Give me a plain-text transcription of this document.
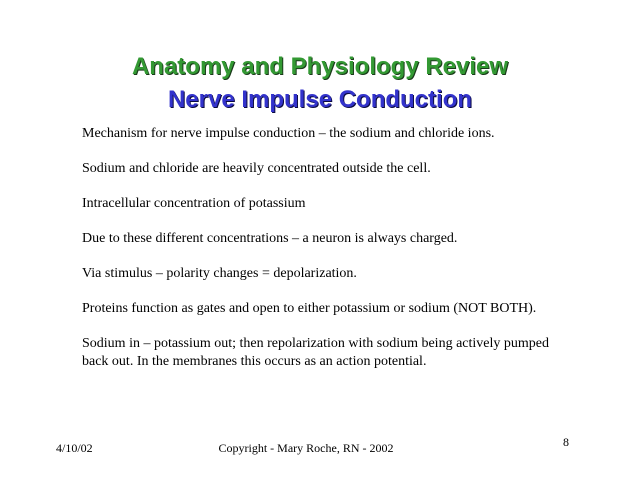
Anatomy and Physiology Review
Nerve Impulse Conduction

Mechanism for nerve impulse conduction – the sodium and chloride ions.

Sodium and chloride are heavily concentrated outside the cell.

Intracellular concentration of potassium

Due to these different concentrations – a neuron is always charged.

Via stimulus – polarity changes = depolarization.

Proteins function as gates and open to either potassium or sodium (NOT BOTH).

Sodium in – potassium out; then repolarization with sodium being actively pumped back out. In the membranes this occurs as an action potential.

4/10/02	Copyright - Mary Roche, RN - 2002	8
